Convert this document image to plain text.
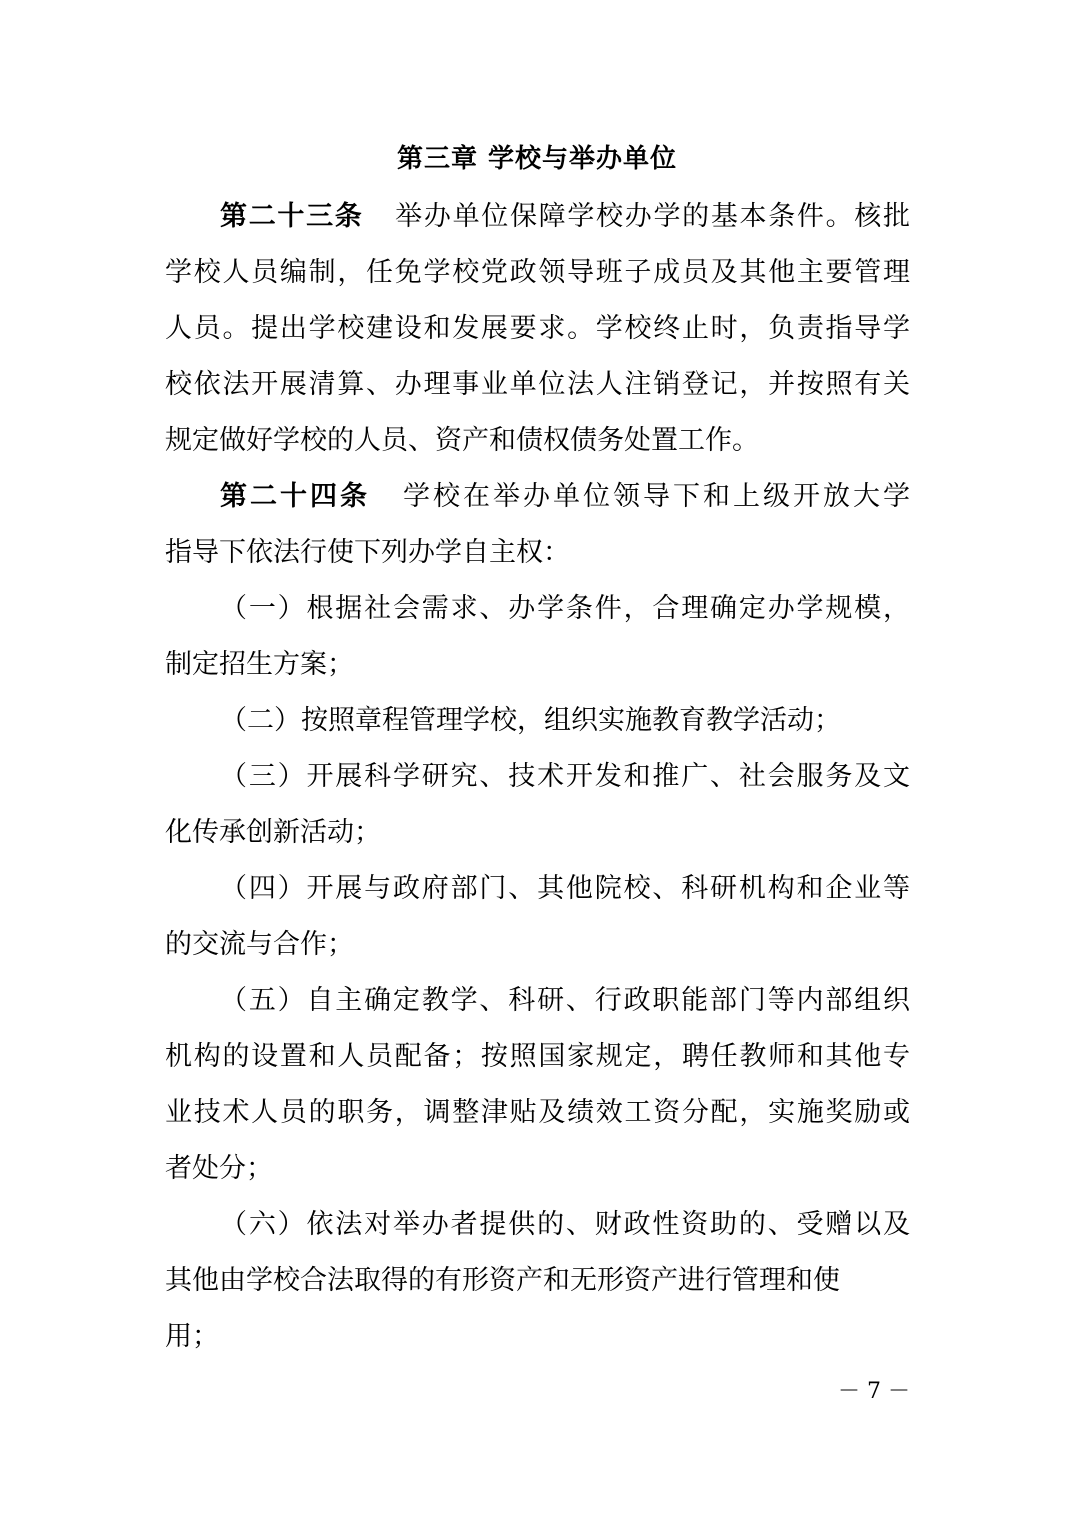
第三章 学校与举办单位
第二十三条 举办单位保障学校办学的基本条件。核批
学校人员编制，任免学校党政领导班子成员及其他主要管理
人员。提出学校建设和发展要求。学校终止时，负责指导学
校依法开展清算、办理事业单位法人注销登记，并按照有关
规定做好学校的人员、资产和债权债务处置工作。
第二十四条 学校在举办单位领导下和上级开放大学
指导下依法行使下列办学自主权：
（一）根据社会需求、办学条件，合理确定办学规模，
制定招生方案；
（二）按照章程管理学校，组织实施教育教学活动；
（三）开展科学研究、技术开发和推广、社会服务及文
化传承创新活动；
（四）开展与政府部门、其他院校、科研机构和企业等
的交流与合作；
（五）自主确定教学、科研、行政职能部门等内部组织
机构的设置和人员配备；按照国家规定，聘任教师和其他专
业技术人员的职务，调整津贴及绩效工资分配，实施奖励或
者处分；
（六）依法对举办者提供的、财政性资助的、受赠以及
其他由学校合法取得的有形资产和无形资产进行管理和使
用；
－ 7 －
